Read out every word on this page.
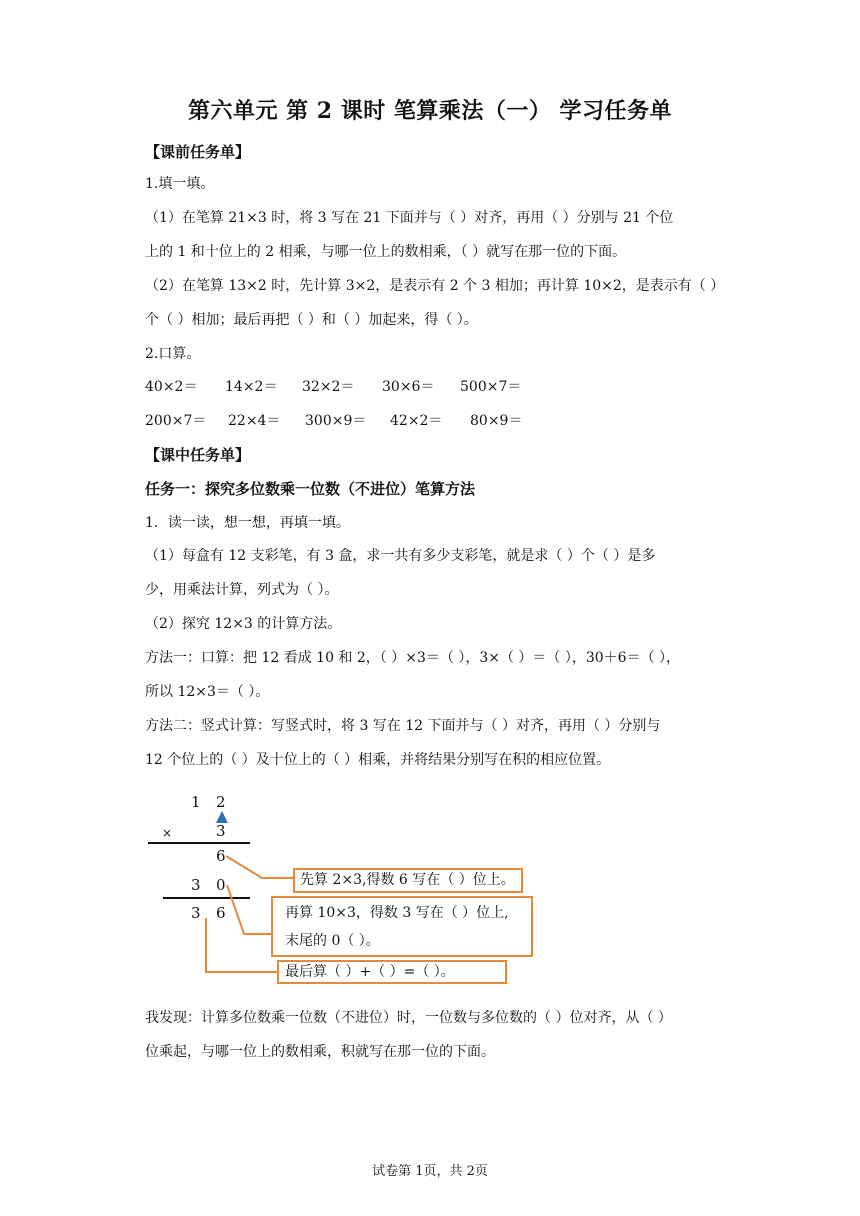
第六单元 第 2 课时 笔算乘法（一） 学习任务单
【课前任务单】
1.填一填。
（1）在笔算 21×3 时，将 3 写在 21 下面并与（ ）对齐，再用（ ）分别与 21 个位
上的 1 和十位上的 2 相乘，与哪一位上的数相乘，（ ）就写在那一位的下面。
（2）在笔算 13×2 时，先计算 3×2，是表示有 2 个 3 相加；再计算 10×2，是表示有（ ）
个（ ）相加；最后再把（ ）和（ ）加起来，得（ ）。
2.口算。
40×2＝ 14×2＝ 32×2＝ 30×6＝ 500×7＝
200×7＝ 22×4＝ 300×9＝ 42×2＝ 80×9＝
【课中任务单】
任务一：探究多位数乘一位数（不进位）笔算方法
1．读一读，想一想，再填一填。
（1）每盒有 12 支彩笔，有 3 盒，求一共有多少支彩笔，就是求（ ）个（ ）是多
少，用乘法计算，列式为（ ）。
（2）探究 12×3 的计算方法。
方法一：口算：把 12 看成 10 和 2，（ ）×3＝（ ），3×（ ）＝（ ），30＋6＝（ ），
所以 12×3＝（ ）。
方法二：竖式计算：写竖式时，将 3 写在 12 下面并与（ ）对齐，再用（ ）分别与
12 个位上的（ ）及十位上的（ ）相乘，并将结果分别写在积的相应位置。
1 2
×	3
6
3 0
3 6
先算 2×3,得数 6 写在（ ）位上。
再算 10×3，得数 3 写在（ ）位上,
末尾的 0（ ）。
最后算（ ）+（ ）=（ ）。
我发现：计算多位数乘一位数（不进位）时，一位数与多位数的（ ）位对齐，从（ ）
位乘起，与哪一位上的数相乘，积就写在那一位的下面。
试卷第 1页，共 2页
